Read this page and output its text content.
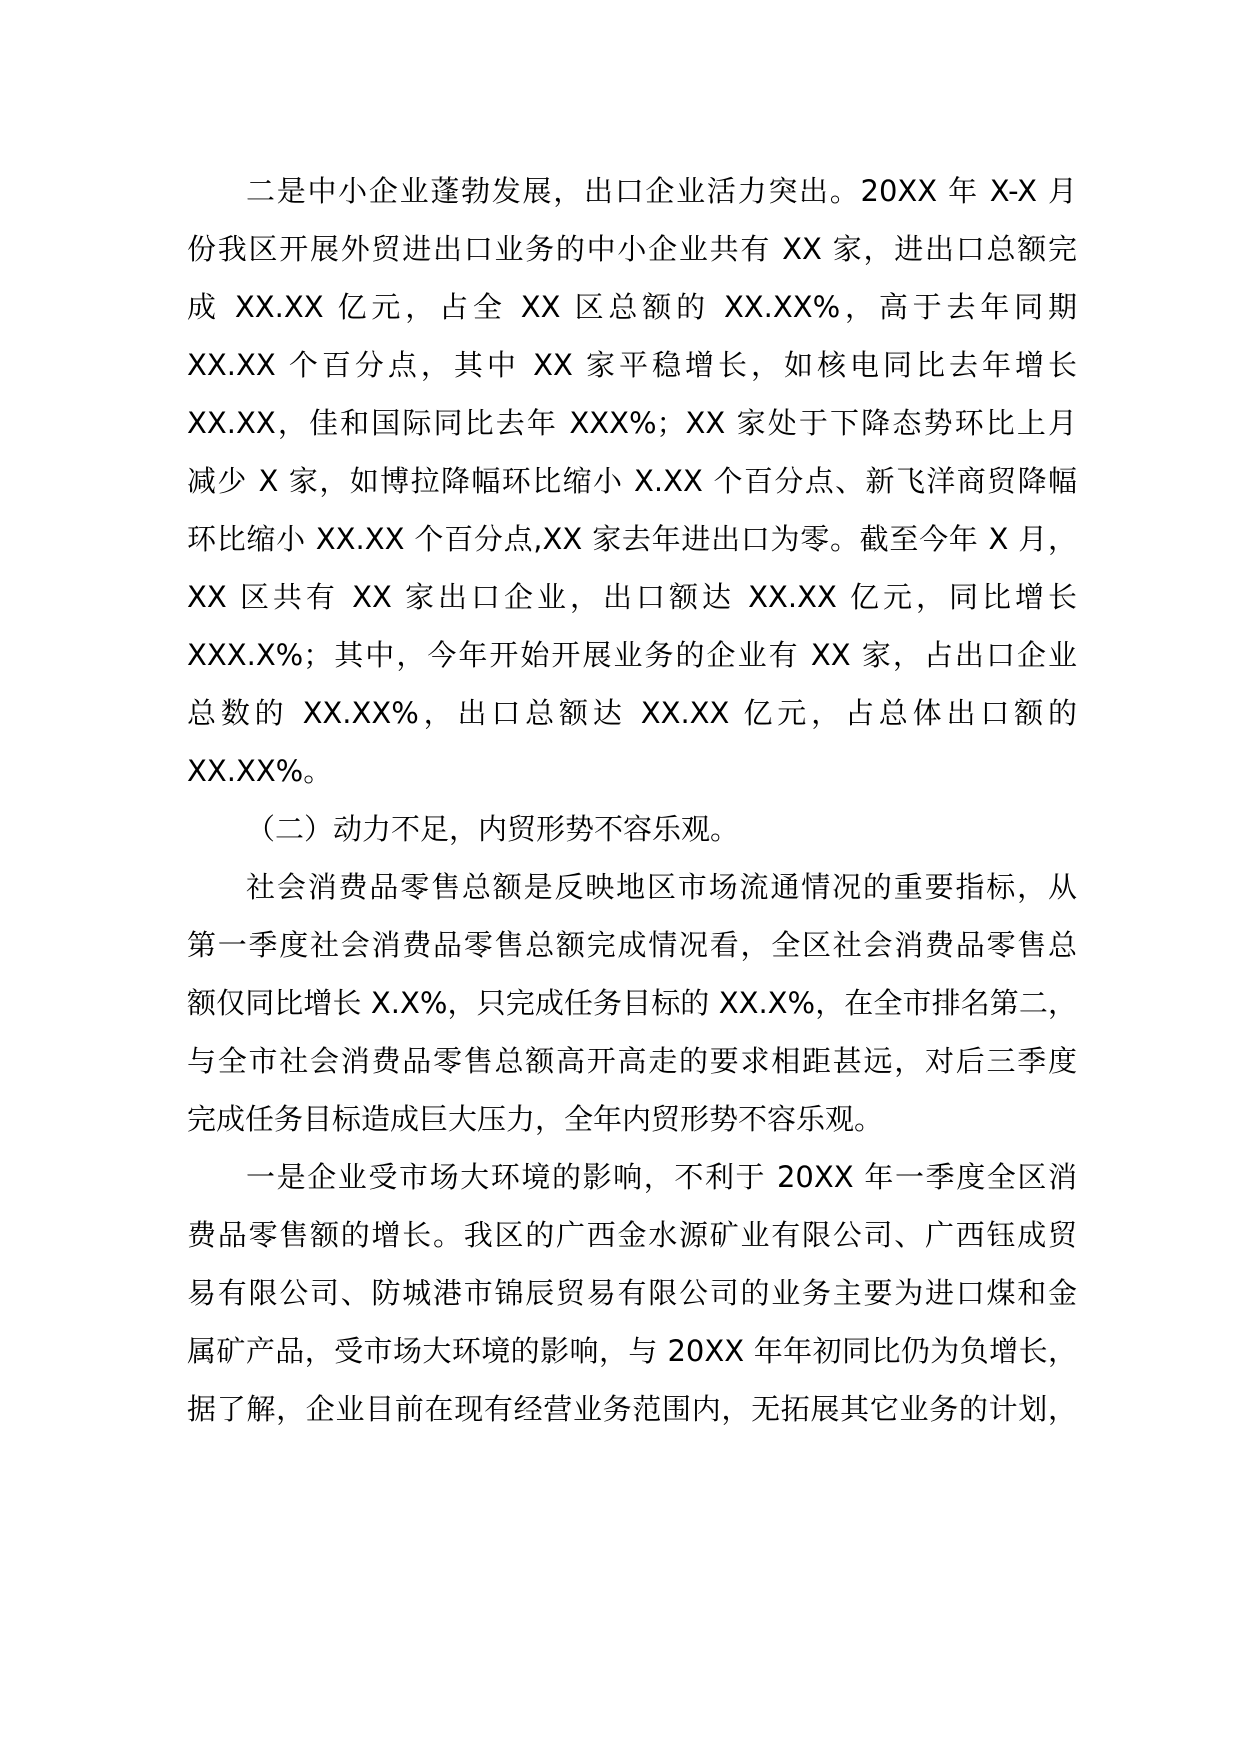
二是中小企业蓬勃发展，出口企业活力突出。20XX 年 X-X 月
份我区开展外贸进出口业务的中小企业共有 XX 家，进出口总额完
成 XX.XX 亿元，占全 XX 区总额的 XX.XX%，高于去年同期
XX.XX 个百分点，其中 XX 家平稳增长，如核电同比去年增长
XX.XX，佳和国际同比去年 XXX%；XX 家处于下降态势环比上月
减少 X 家，如博拉降幅环比缩小 X.XX 个百分点、新飞洋商贸降幅
环比缩小 XX.XX 个百分点,XX 家去年进出口为零。截至今年 X 月，
XX 区共有 XX 家出口企业，出口额达 XX.XX 亿元，同比增长
XXX.X%；其中，今年开始开展业务的企业有 XX 家，占出口企业
总数的 XX.XX%，出口总额达 XX.XX 亿元，占总体出口额的
XX.XX%。
（二）动力不足，内贸形势不容乐观。
社会消费品零售总额是反映地区市场流通情况的重要指标，从
第一季度社会消费品零售总额完成情况看，全区社会消费品零售总
额仅同比增长 X.X%，只完成任务目标的 XX.X%，在全市排名第二，
与全市社会消费品零售总额高开高走的要求相距甚远，对后三季度
完成任务目标造成巨大压力，全年内贸形势不容乐观。
一是企业受市场大环境的影响，不利于 20XX 年一季度全区消
费品零售额的增长。我区的广西金水源矿业有限公司、广西钰成贸
易有限公司、防城港市锦辰贸易有限公司的业务主要为进口煤和金
属矿产品，受市场大环境的影响，与 20XX 年年初同比仍为负增长，
据了解，企业目前在现有经营业务范围内，无拓展其它业务的计划，
